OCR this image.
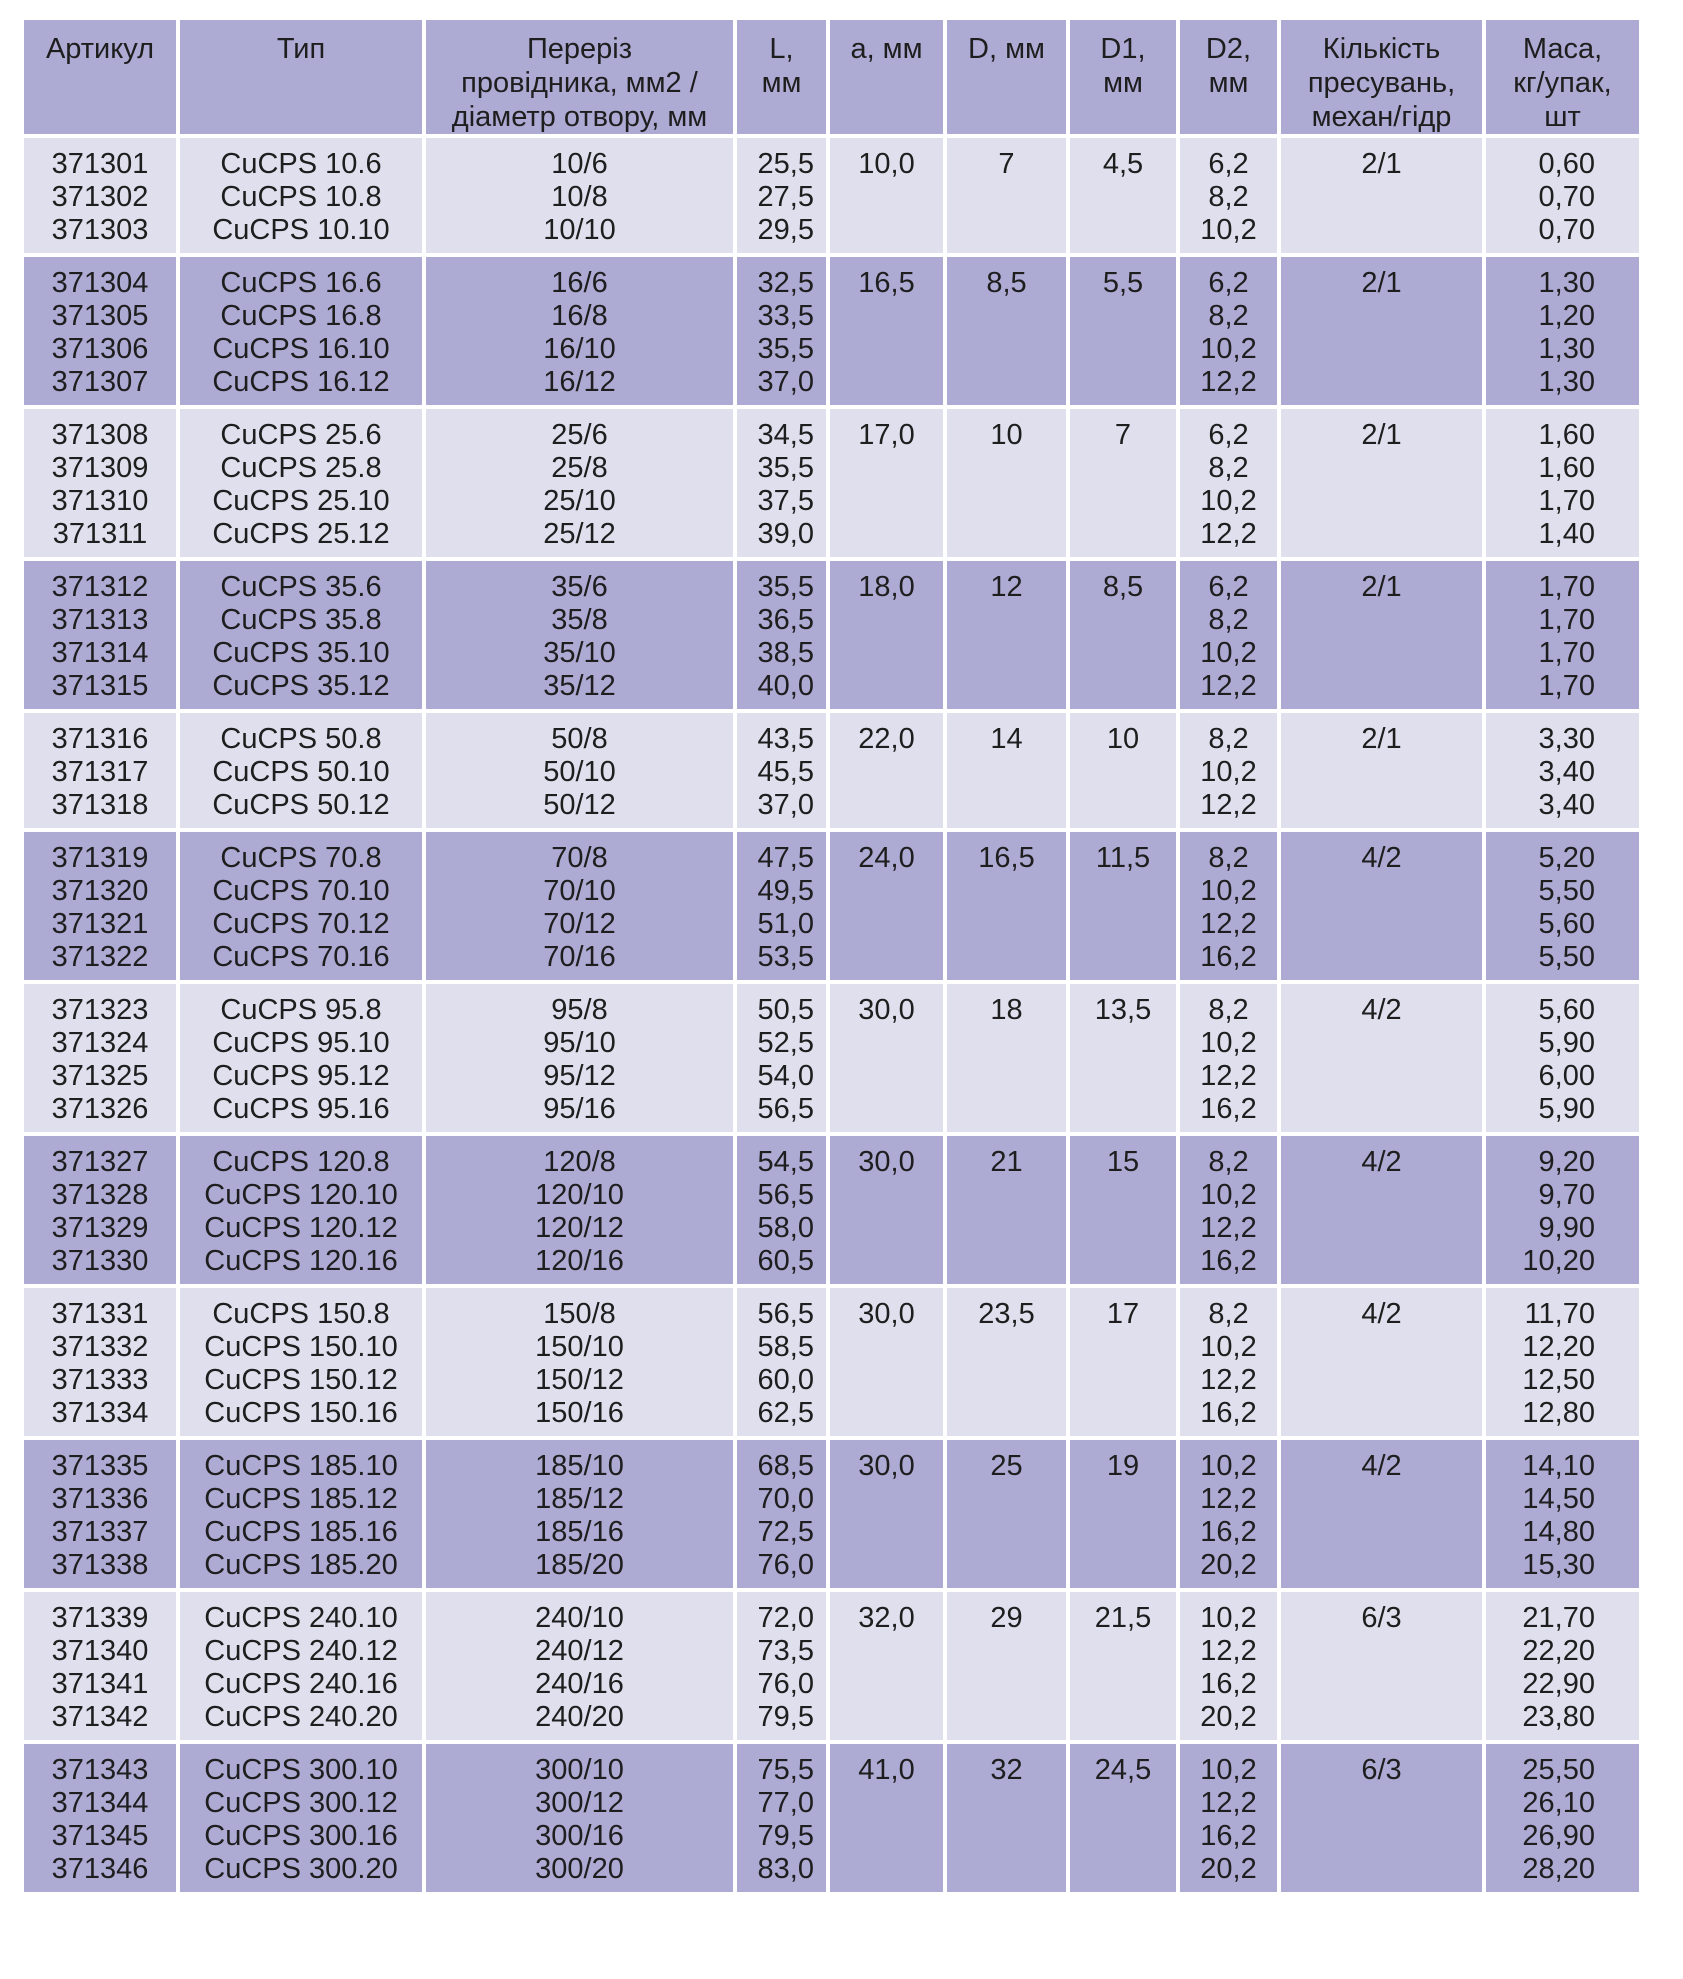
Артикул	Тип	Переріз
провідника, мм2 /
діаметр отвору, мм	L,
мм	a, мм	D, мм	D1,
мм	D2,
мм	Кількість
пресувань,
механ/гідр	Маса,
кг/упак,
шт

371301
371302
371303	CuCPS 10.6
CuCPS 10.8
CuCPS 10.10	10/6
10/8
10/10	25,5
27,5
29,5	10,0	7	4,5	6,2
8,2
10,2	2/1	0,60
0,70
0,70

371304
371305
371306
371307	CuCPS 16.6
CuCPS 16.8
CuCPS 16.10
CuCPS 16.12	16/6
16/8
16/10
16/12	32,5
33,5
35,5
37,0	16,5	8,5	5,5	6,2
8,2
10,2
12,2	2/1	1,30
1,20
1,30
1,30

371308
371309
371310
371311	CuCPS 25.6
CuCPS 25.8
CuCPS 25.10
CuCPS 25.12	25/6
25/8
25/10
25/12	34,5
35,5
37,5
39,0	17,0	10	7	6,2
8,2
10,2
12,2	2/1	1,60
1,60
1,70
1,40

371312
371313
371314
371315	CuCPS 35.6
CuCPS 35.8
CuCPS 35.10
CuCPS 35.12	35/6
35/8
35/10
35/12	35,5
36,5
38,5
40,0	18,0	12	8,5	6,2
8,2
10,2
12,2	2/1	1,70
1,70
1,70
1,70

371316
371317
371318	CuCPS 50.8
CuCPS 50.10
CuCPS 50.12	50/8
50/10
50/12	43,5
45,5
37,0	22,0	14	10	8,2
10,2
12,2	2/1	3,30
3,40
3,40

371319
371320
371321
371322	CuCPS 70.8
CuCPS 70.10
CuCPS 70.12
CuCPS 70.16	70/8
70/10
70/12
70/16	47,5
49,5
51,0
53,5	24,0	16,5	11,5	8,2
10,2
12,2
16,2	4/2	5,20
5,50
5,60
5,50

371323
371324
371325
371326	CuCPS 95.8
CuCPS 95.10
CuCPS 95.12
CuCPS 95.16	95/8
95/10
95/12
95/16	50,5
52,5
54,0
56,5	30,0	18	13,5	8,2
10,2
12,2
16,2	4/2	5,60
5,90
6,00
5,90

371327
371328
371329
371330	CuCPS 120.8
CuCPS 120.10
CuCPS 120.12
CuCPS 120.16	120/8
120/10
120/12
120/16	54,5
56,5
58,0
60,5	30,0	21	15	8,2
10,2
12,2
16,2	4/2	9,20
9,70
9,90
10,20

371331
371332
371333
371334	CuCPS 150.8
CuCPS 150.10
CuCPS 150.12
CuCPS 150.16	150/8
150/10
150/12
150/16	56,5
58,5
60,0
62,5	30,0	23,5	17	8,2
10,2
12,2
16,2	4/2	11,70
12,20
12,50
12,80

371335
371336
371337
371338	CuCPS 185.10
CuCPS 185.12
CuCPS 185.16
CuCPS 185.20	185/10
185/12
185/16
185/20	68,5
70,0
72,5
76,0	30,0	25	19	10,2
12,2
16,2
20,2	4/2	14,10
14,50
14,80
15,30

371339
371340
371341
371342	CuCPS 240.10
CuCPS 240.12
CuCPS 240.16
CuCPS 240.20	240/10
240/12
240/16
240/20	72,0
73,5
76,0
79,5	32,0	29	21,5	10,2
12,2
16,2
20,2	6/3	21,70
22,20
22,90
23,80

371343
371344
371345
371346	CuCPS 300.10
CuCPS 300.12
CuCPS 300.16
CuCPS 300.20	300/10
300/12
300/16
300/20	75,5
77,0
79,5
83,0	41,0	32	24,5	10,2
12,2
16,2
20,2	6/3	25,50
26,10
26,90
28,20
